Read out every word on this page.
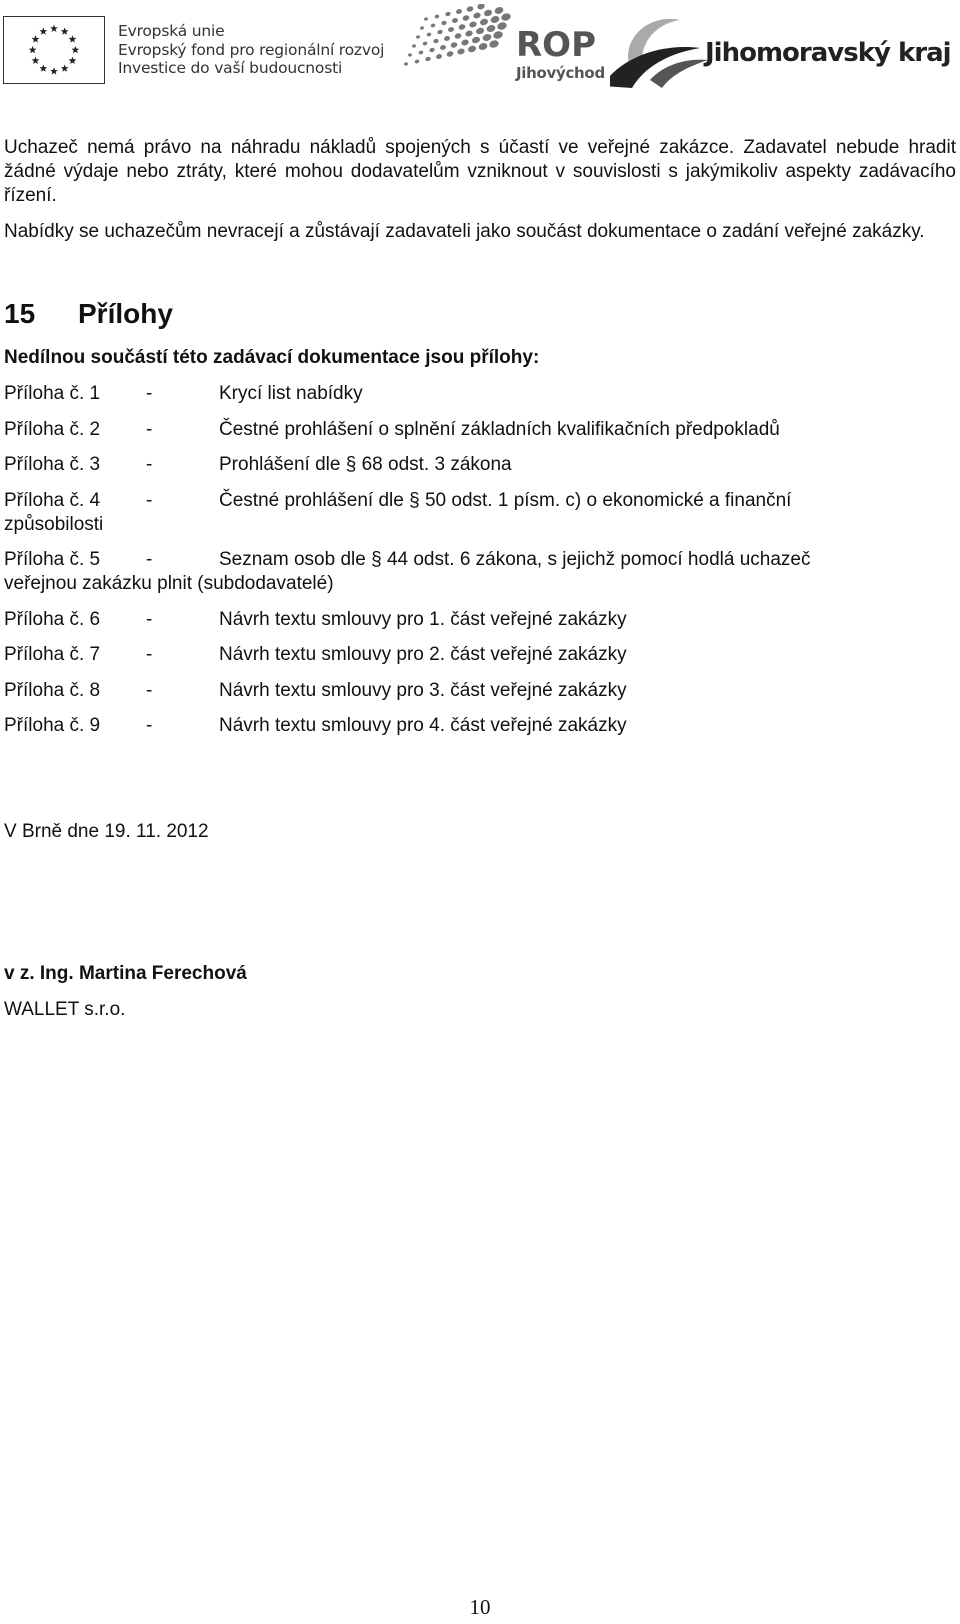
Evropská unie
Evropský fond pro regionální rozvoj
Investice do vaší budoucnosti
ROP
Jihovýchod
Jihomoravský kraj
Uchazeč nemá právo na náhradu nákladů spojených s účastí ve veřejné zakázce. Zadavatel nebude hradit žádné výdaje nebo ztráty, které mohou dodavatelům vzniknout v souvislosti s jakýmikoliv aspekty zadávacího řízení.
Nabídky se uchazečům nevracejí a zůstávají zadavateli jako součást dokumentace o zadání veřejné zakázky.
15 Přílohy
Nedílnou součástí této zadávací dokumentace jsou přílohy:
Příloha č. 1 -	Krycí list nabídky
Příloha č. 2 -	Čestné prohlášení o splnění základních kvalifikačních předpokladů
Příloha č. 3 -	Prohlášení dle § 68 odst. 3 zákona
Příloha č. 4 -	Čestné prohlášení dle § 50 odst. 1 písm. c) o ekonomické a finanční
způsobilosti
Příloha č. 5 -	Seznam osob dle § 44 odst. 6 zákona, s jejichž pomocí hodlá uchazeč
veřejnou zakázku plnit (subdodavatelé)
Příloha č. 6 -	Návrh textu smlouvy pro 1. část veřejné zakázky
Příloha č. 7 -	Návrh textu smlouvy pro 2. část veřejné zakázky
Příloha č. 8 -	Návrh textu smlouvy pro 3. část veřejné zakázky
Příloha č. 9 -	Návrh textu smlouvy pro 4. část veřejné zakázky
V Brně dne 19. 11. 2012
v z. Ing. Martina Ferechová
WALLET s.r.o.
10
